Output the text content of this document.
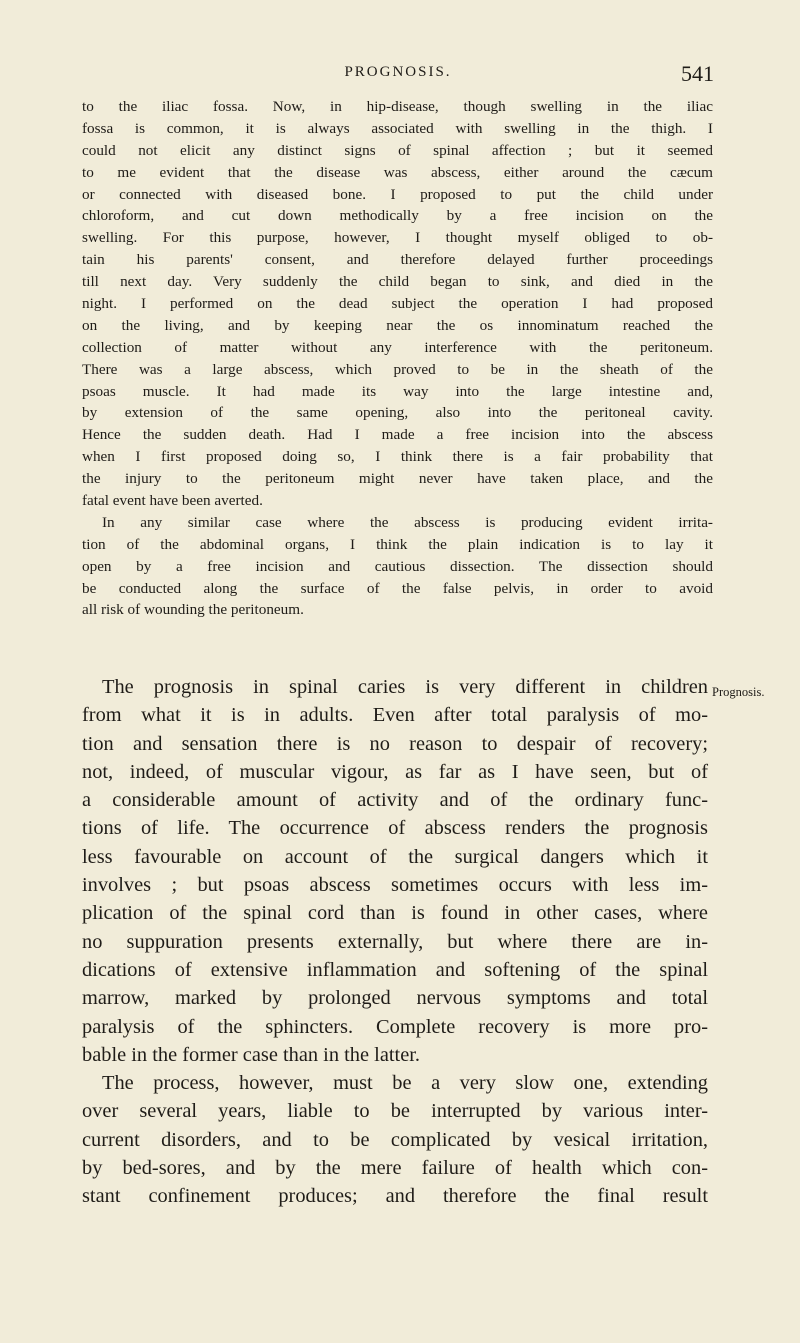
PROGNOSIS.	541
to the iliac fossa. Now, in hip-disease, though swelling in the iliac
fossa is common, it is always associated with swelling in the thigh. I
could not elicit any distinct signs of spinal affection ; but it seemed
to me evident that the disease was abscess, either around the cæcum
or connected with diseased bone. I proposed to put the child under
chloroform, and cut down methodically by a free incision on the
swelling. For this purpose, however, I thought myself obliged to ob-
tain his parents' consent, and therefore delayed further proceedings
till next day. Very suddenly the child began to sink, and died in the
night. I performed on the dead subject the operation I had proposed
on the living, and by keeping near the os innominatum reached the
collection of matter without any interference with the peritoneum.
There was a large abscess, which proved to be in the sheath of the
psoas muscle. It had made its way into the large intestine and,
by extension of the same opening, also into the peritoneal cavity.
Hence the sudden death. Had I made a free incision into the abscess
when I first proposed doing so, I think there is a fair probability that
the injury to the peritoneum might never have taken place, and the
fatal event have been averted.
In any similar case where the abscess is producing evident irrita-
tion of the abdominal organs, I think the plain indication is to lay it
open by a free incision and cautious dissection. The dissection should
be conducted along the surface of the false pelvis, in order to avoid
all risk of wounding the peritoneum.
Prognosis.
The prognosis in spinal caries is very different in children
from what it is in adults. Even after total paralysis of mo-
tion and sensation there is no reason to despair of recovery;
not, indeed, of muscular vigour, as far as I have seen, but of
a considerable amount of activity and of the ordinary func-
tions of life. The occurrence of abscess renders the prognosis
less favourable on account of the surgical dangers which it
involves ; but psoas abscess sometimes occurs with less im-
plication of the spinal cord than is found in other cases, where
no suppuration presents externally, but where there are in-
dications of extensive inflammation and softening of the spinal
marrow, marked by prolonged nervous symptoms and total
paralysis of the sphincters. Complete recovery is more pro-
bable in the former case than in the latter.
The process, however, must be a very slow one, extending
over several years, liable to be interrupted by various inter-
current disorders, and to be complicated by vesical irritation,
by bed-sores, and by the mere failure of health which con-
stant confinement produces; and therefore the final result
